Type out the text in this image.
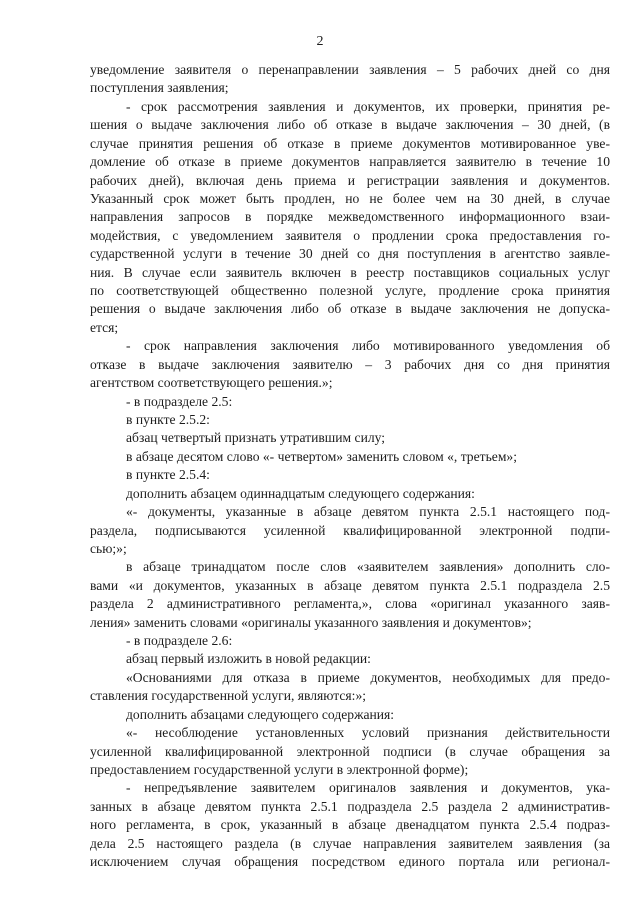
2
уведомление заявителя о перенаправлении заявления – 5 рабочих дней со дня
поступления заявления;
- срок рассмотрения заявления и документов, их проверки, принятия ре-
шения о выдаче заключения либо об отказе в выдаче заключения – 30 дней, (в
случае принятия решения об отказе в приеме документов мотивированное уве-
домление об отказе в приеме документов направляется заявителю в течение 10
рабочих дней), включая день приема и регистрации заявления и документов.
Указанный срок может быть продлен, но не более чем на 30 дней, в случае
направления запросов в порядке межведомственного информационного взаи-
модействия, с уведомлением заявителя о продлении срока предоставления го-
сударственной услуги в течение 30 дней со дня поступления в агентство заявле-
ния. В случае если заявитель включен в реестр поставщиков социальных услуг
по соответствующей общественно полезной услуге, продление срока принятия
решения о выдаче заключения либо об отказе в выдаче заключения не допуска-
ется;
- срок направления заключения либо мотивированного уведомления об
отказе в выдаче заключения заявителю – 3 рабочих дня со дня принятия
агентством соответствующего решения.»;
- в подразделе 2.5:
в пункте 2.5.2:
абзац четвертый признать утратившим силу;
в абзаце десятом слово «- четвертом» заменить словом «, третьем»;
в пункте 2.5.4:
дополнить абзацем одиннадцатым следующего содержания:
«- документы, указанные в абзаце девятом пункта 2.5.1 настоящего под-
раздела, подписываются усиленной квалифицированной электронной подпи-
сью;»;
в абзаце тринадцатом после слов «заявителем заявления» дополнить сло-
вами «и документов, указанных в абзаце девятом пункта 2.5.1 подраздела 2.5
раздела 2 административного регламента,», слова «оригинал указанного заяв-
ления» заменить словами «оригиналы указанного заявления и документов»;
- в подразделе 2.6:
абзац первый изложить в новой редакции:
«Основаниями для отказа в приеме документов, необходимых для предо-
ставления государственной услуги, являются:»;
дополнить абзацами следующего содержания:
«- несоблюдение установленных условий признания действительности
усиленной квалифицированной электронной подписи (в случае обращения за
предоставлением государственной услуги в электронной форме);
- непредъявление заявителем оригиналов заявления и документов, ука-
занных в абзаце девятом пункта 2.5.1 подраздела 2.5 раздела 2 административ-
ного регламента, в срок, указанный в абзаце двенадцатом пункта 2.5.4 подраз-
дела 2.5 настоящего раздела (в случае направления заявителем заявления (за
исключением случая обращения посредством единого портала или регионал-
